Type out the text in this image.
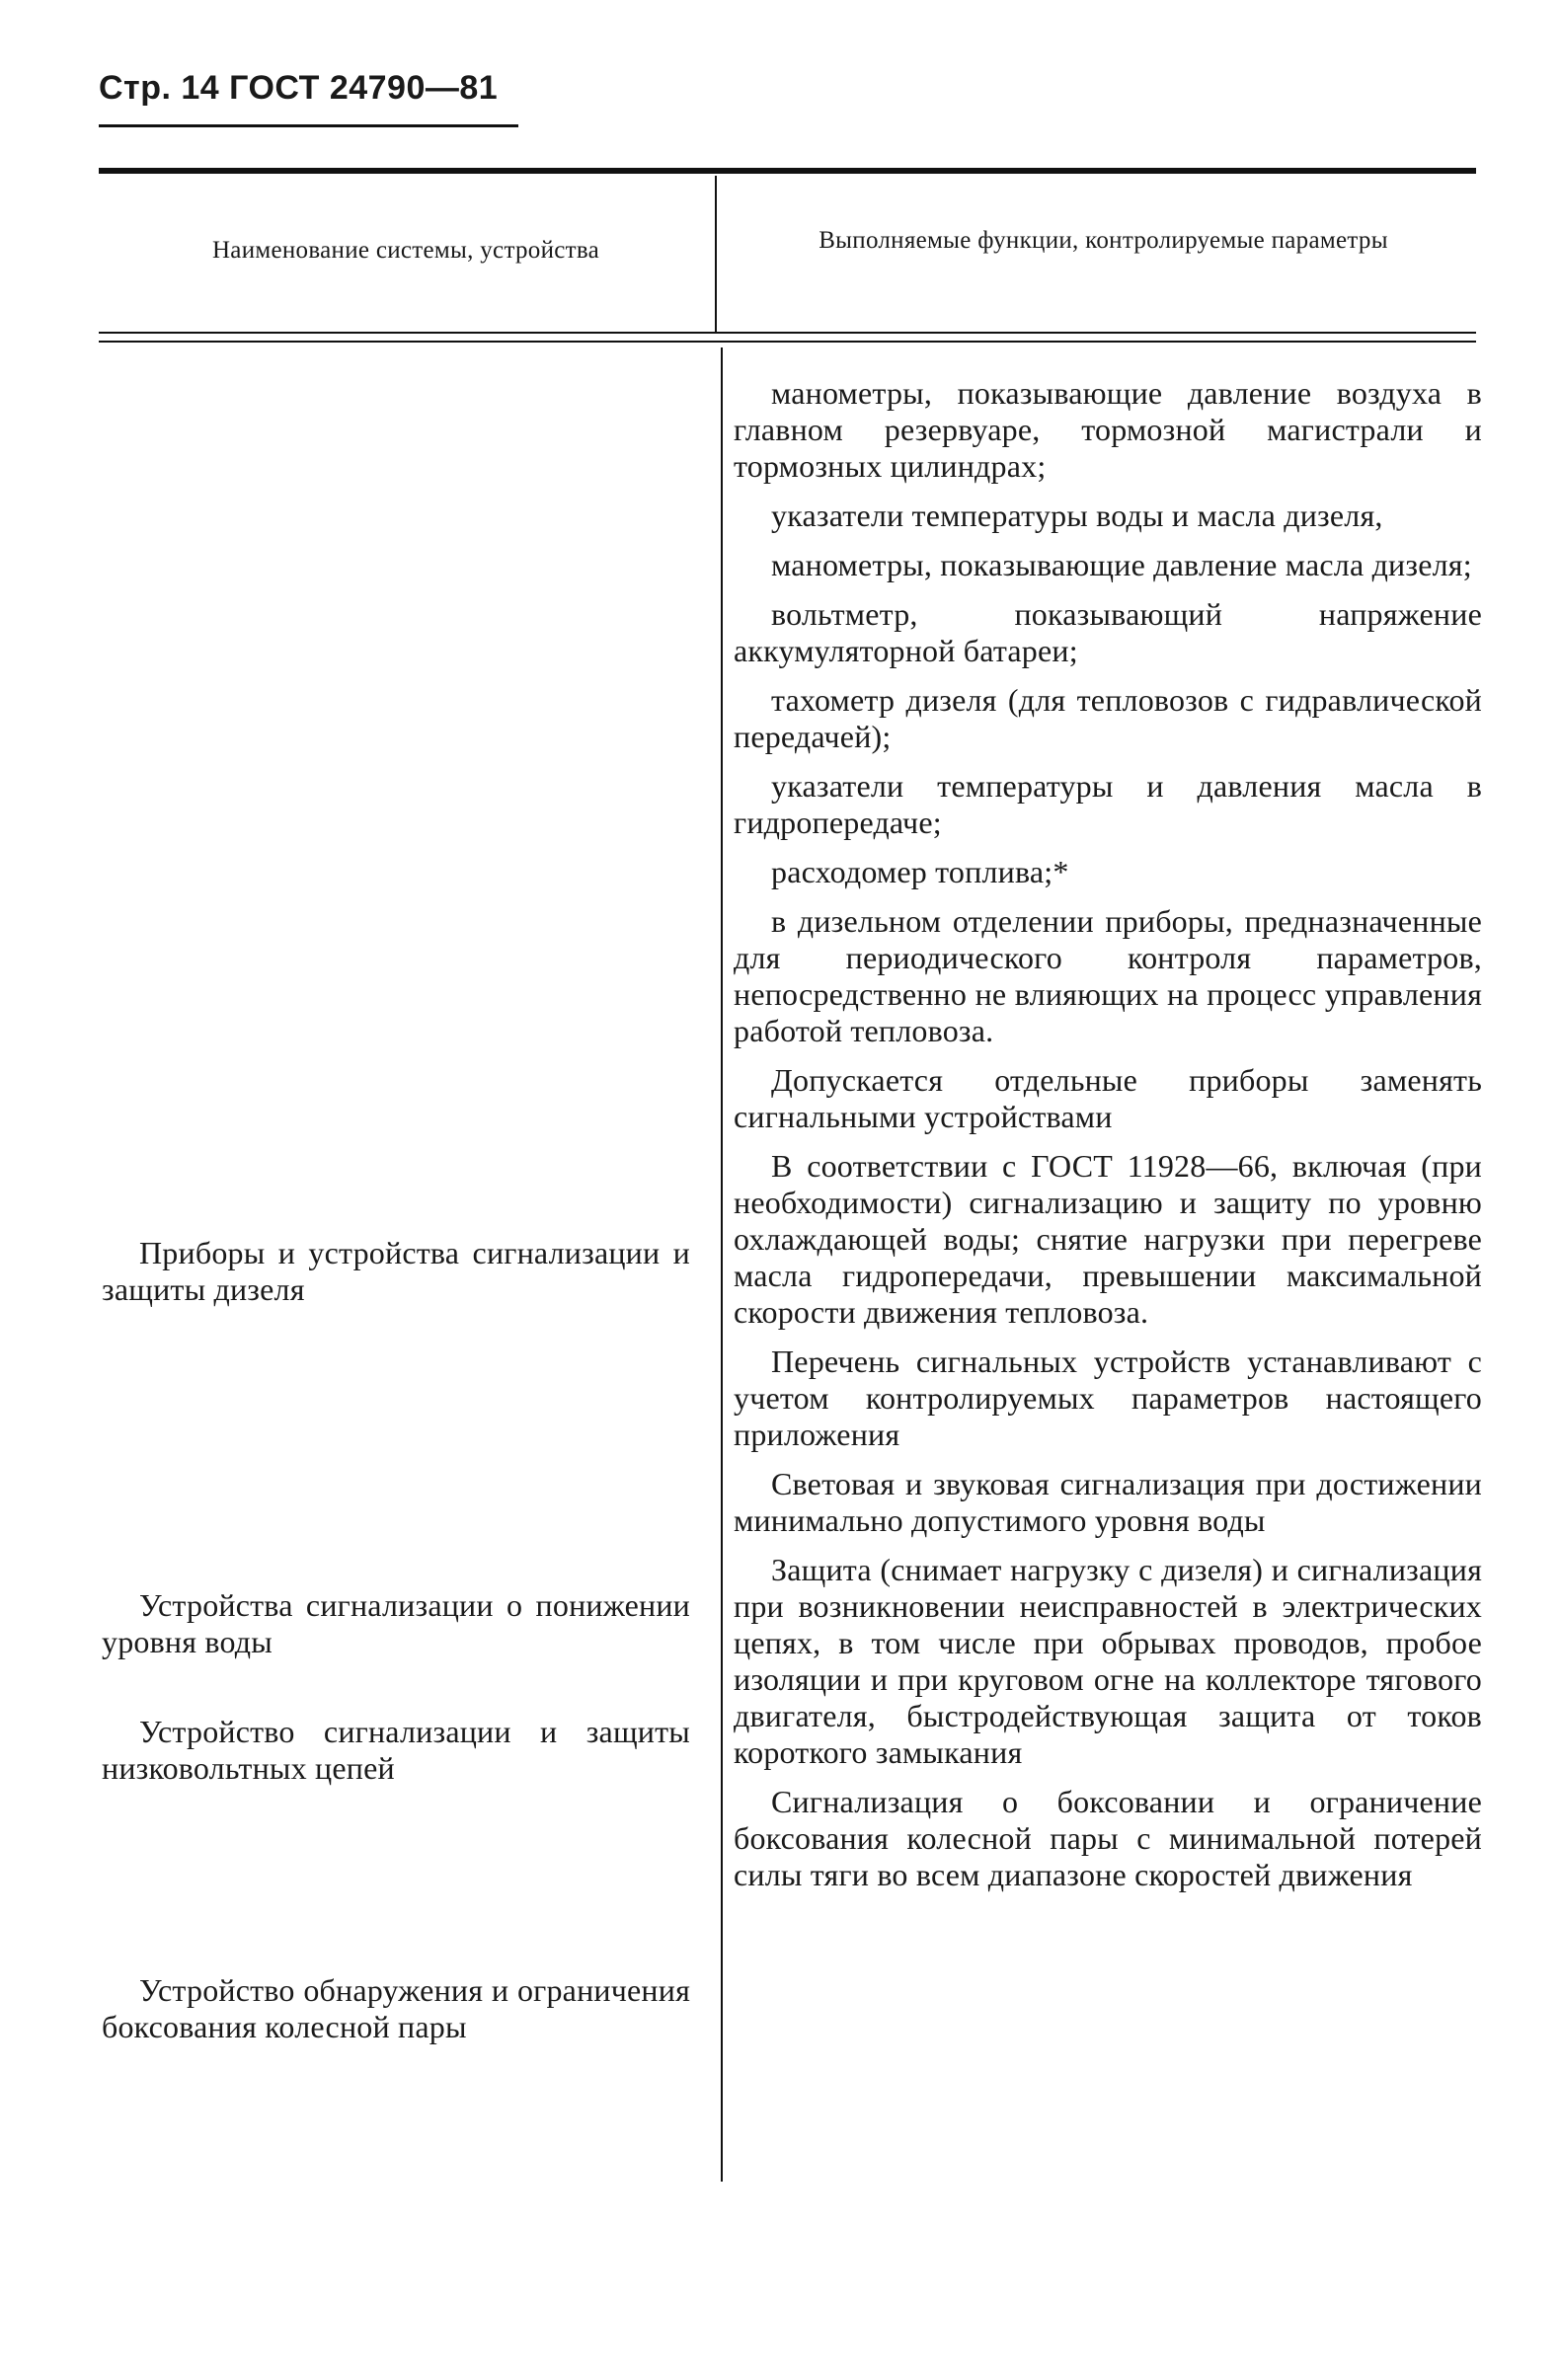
Стр. 14 ГОСТ 24790—81
Наименование системы, устройства	Выполняемые функции, контролируемые параметры

манометры, показывающие давление воздуха в главном резервуаре, тормозной магистрали и тормозных цилиндрах;

указатели температуры воды и масла дизеля,

манометры, показывающие давление масла дизеля;

вольтметр, показывающий напряжение аккумуляторной батареи;

тахометр дизеля (для тепловозов с гидравлической передачей);

указатели температуры и давления масла в гидропередаче;

расходомер топлива;*

в дизельном отделении приборы, предназначенные для периодического контроля параметров, непосредственно не влияющих на процесс управления работой тепловоза.

Допускается отдельные приборы заменять сигнальными устройствами

В соответствии с ГОСТ 11928—66, включая (при необходимости) сигнализацию и защиту по уровню охлаждающей воды; снятие нагрузки при перегреве масла гидропередачи, превышении максимальной скорости движения тепловоза.

Перечень сигнальных устройств устанавливают с учетом контролируемых параметров настоящего приложения

Световая и звуковая сигнализация при достижении минимально допустимого уровня воды

Защита (снимает нагрузку с дизеля) и сигнализация при возникновении неисправностей в электрических цепях, в том числе при обрывах проводов, пробое изоляции и при круговом огне на коллекторе тягового двигателя, быстродействующая защита от токов короткого замыкания

Сигнализация о боксовании и ограничение боксования колесной пары с минимальной потерей силы тяги во всем диапазоне скоростей движения

Приборы и устройства сигнализации и защиты дизеля
Устройства сигнализации о понижении уровня воды
Устройство сигнализации и защиты низковольтных цепей
Устройство обнаружения и ограничения боксования колесной пары
